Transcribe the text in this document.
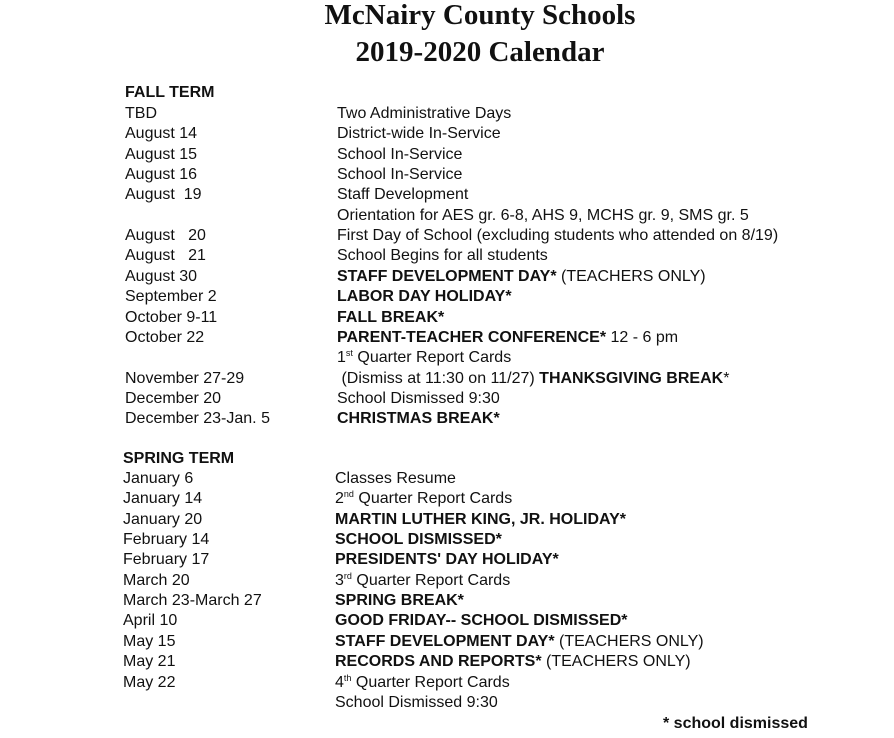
McNairy County Schools
2019-2020 Calendar
FALL TERM
TBD	Two Administrative Days
August 14	District-wide In-Service
August 15	School In-Service
August 16	School In-Service
August  19	Staff Development
Orientation for AES gr. 6-8, AHS 9, MCHS gr. 9, SMS gr. 5
August   20	First Day of School (excluding students who attended on 8/19)
August   21	School Begins for all students
August 30	STAFF DEVELOPMENT DAY* (TEACHERS ONLY)
September 2	LABOR DAY HOLIDAY*
October 9-11	FALL BREAK*
October 22	PARENT-TEACHER CONFERENCE* 12 - 6 pm
1st Quarter Report Cards
November 27-29	(Dismiss at 11:30 on 11/27) THANKSGIVING BREAK*
December 20	School Dismissed 9:30
December 23-Jan. 5	CHRISTMAS BREAK*
SPRING TERM
January 6	Classes Resume
January 14	2nd Quarter Report Cards
January 20	MARTIN LUTHER KING, JR. HOLIDAY*
February 14	SCHOOL DISMISSED*
February 17	PRESIDENTS' DAY HOLIDAY*
March 20	3rd Quarter Report Cards
March 23-March 27	SPRING BREAK*
April 10	GOOD FRIDAY-- SCHOOL DISMISSED*
May 15	STAFF DEVELOPMENT DAY* (TEACHERS ONLY)
May 21	RECORDS AND REPORTS* (TEACHERS ONLY)
May 22	4th Quarter Report Cards
School Dismissed 9:30
* school dismissed
